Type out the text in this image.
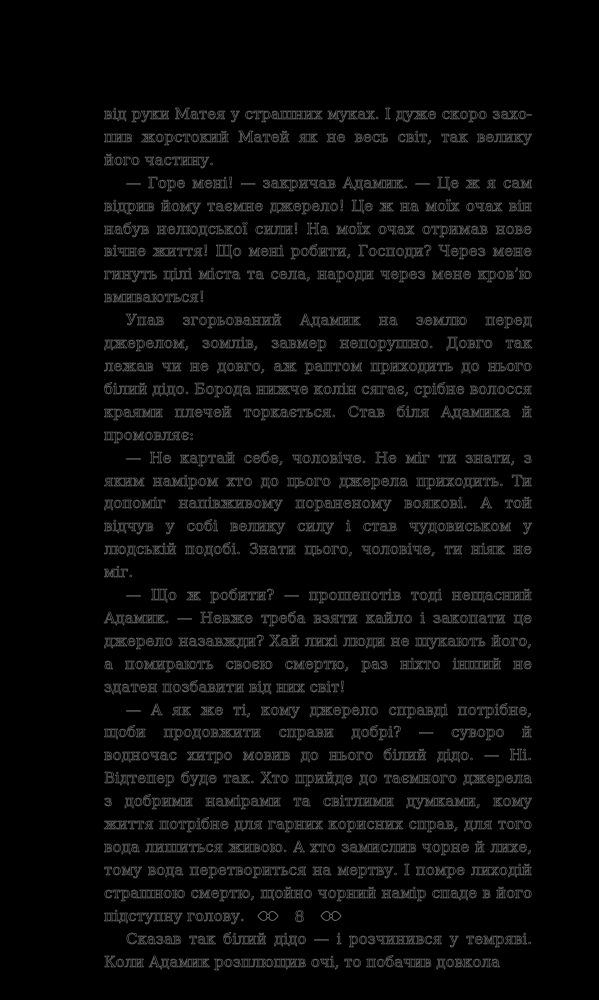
від руки Матея у страшних муках. І дуже скоро захопив жорстокий Матей як не весь світ, так велику його частину.

— Горе мені! — закричав Адамик. — Це ж я сам відрив йому таємне джерело! Це ж на моїх очах він набув нелюдської сили! На моїх очах отримав нове вічне життя! Що мені робити, Господи? Через мене гинуть цілі міста та села, народи через мене кров’ю вмиваються!

Упав згорьований Адамик на землю перед джерелом, зомлів, завмер непорушно. Довго так лежав чи не довго, аж раптом приходить до нього білий дідо. Борода нижче колін сягає, срібне волосся краями плечей торкається. Став біля Адамика й промовляє:

— Не картай себе, чоловіче. Не міг ти знати, з яким наміром хто до цього джерела приходить. Ти допоміг напівживому пораненому воякові. А той відчув у собі велику силу і став чудовиськом у людській подобі. Знати цього, чоловіче, ти ніяк не міг.

— Що ж робити? — прошепотів тоді нещасний Адамик. — Невже треба взяти кайло і закопати це джерело назавжди? Хай лихі люди не шукають його, а помирають своєю смертю, раз ніхто інший не здатен позбавити від них світ!

— А як же ті, кому джерело справді потрібне, щоби продовжити справи добрі? — суворо й водночас хитро мовив до нього білий дідо. — Ні. Відтепер буде так. Хто прийде до таємного джерела з добрими намірами та світлими думками, кому життя потрібне для гарних корисних справ, для того вода лишиться живою. А хто замислив чорне й лихе, тому вода перетвориться на мертву. І помре лиходій страшною смертю, щойно чорний намір спаде в його підступну голову.

Сказав так білий дідо — і розчинився у темряві. Коли Адамик розплющив очі, то побачив довкола

8
